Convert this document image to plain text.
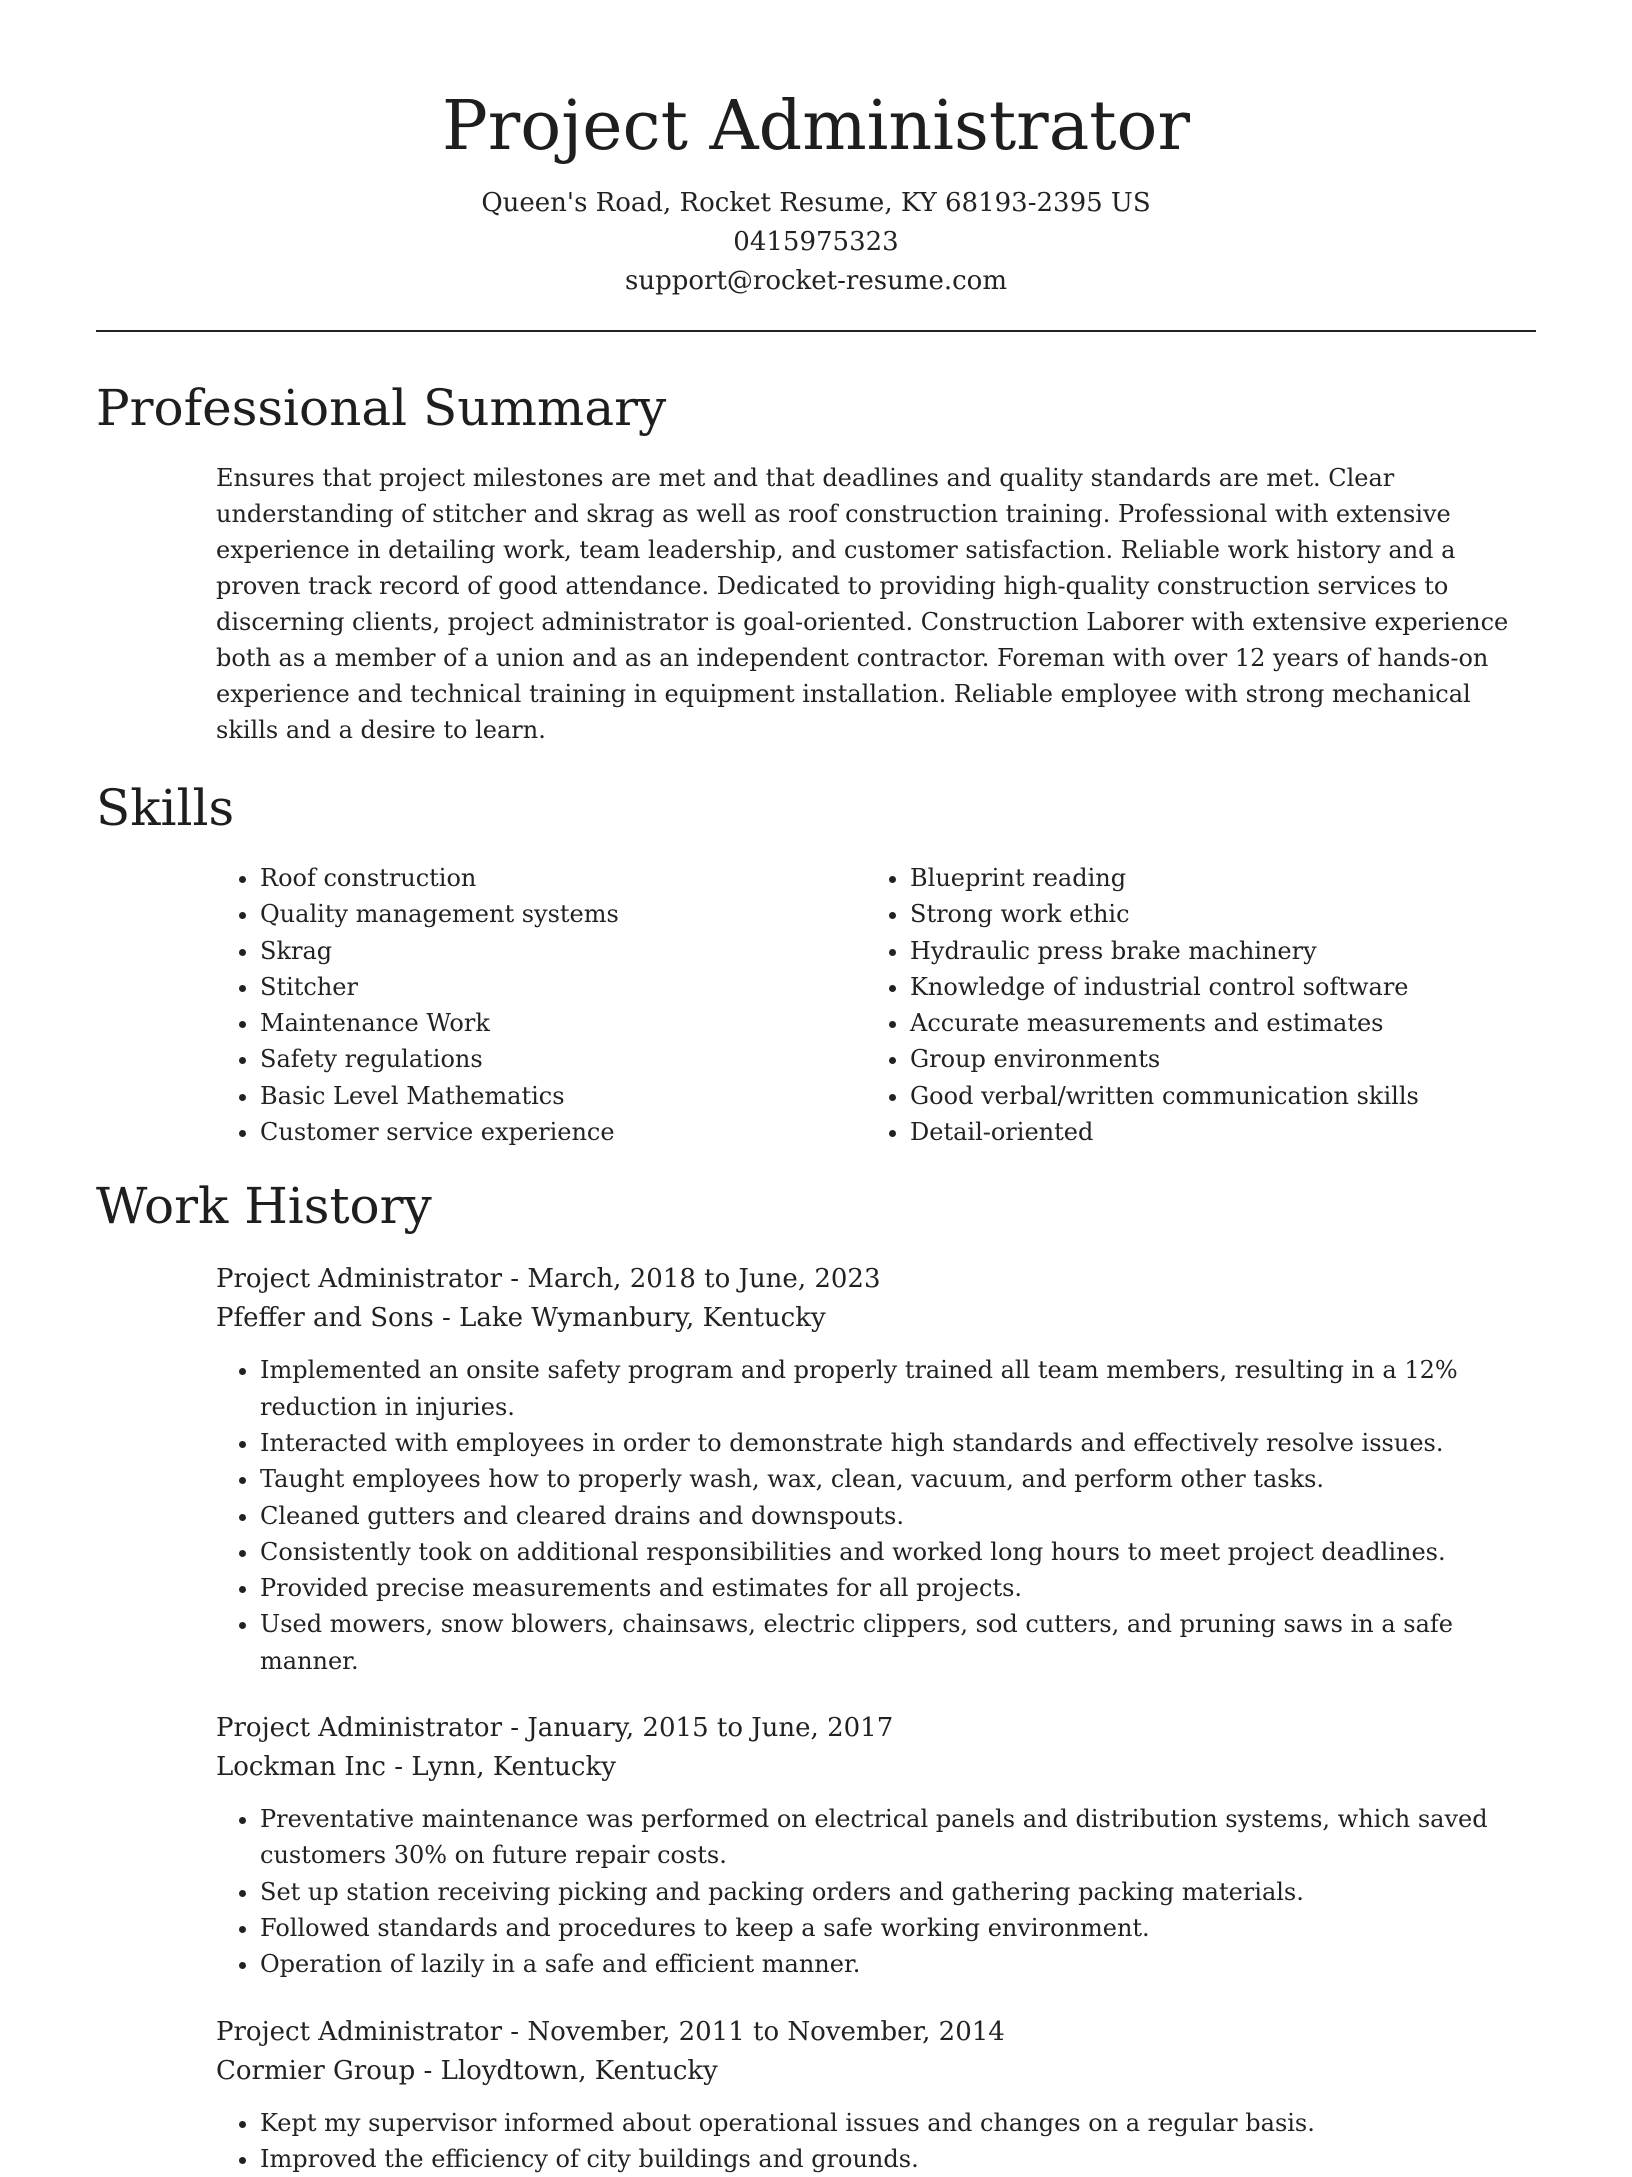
Project Administrator
Queen's Road, Rocket Resume, KY 68193-2395 US
0415975323
support@rocket-resume.com
Professional Summary

Ensures that project milestones are met and that deadlines and quality standards are met. Clear understanding of stitcher and skrag as well as roof construction training. Professional with extensive experience in detailing work, team leadership, and customer satisfaction. Reliable work history and a proven track record of good attendance. Dedicated to providing high-quality construction services to discerning clients, project administrator is goal-oriented. Construction Laborer with extensive experience both as a member of a union and as an independent contractor. Foreman with over 12 years of hands-on experience and technical training in equipment installation. Reliable employee with strong mechanical skills and a desire to learn.

Skills
• Roof construction
• Quality management systems
• Skrag
• Stitcher
• Maintenance Work
• Safety regulations
• Basic Level Mathematics
• Customer service experience
• Blueprint reading
• Strong work ethic
• Hydraulic press brake machinery
• Knowledge of industrial control software
• Accurate measurements and estimates
• Group environments
• Good verbal/written communication skills
• Detail-oriented
Work History
Project Administrator - March, 2018 to June, 2023
Pfeffer and Sons - Lake Wymanbury, Kentucky
• Implemented an onsite safety program and properly trained all team members, resulting in a 12% reduction in injuries.
• Interacted with employees in order to demonstrate high standards and effectively resolve issues.
• Taught employees how to properly wash, wax, clean, vacuum, and perform other tasks.
• Cleaned gutters and cleared drains and downspouts.
• Consistently took on additional responsibilities and worked long hours to meet project deadlines.
• Provided precise measurements and estimates for all projects.
• Used mowers, snow blowers, chainsaws, electric clippers, sod cutters, and pruning saws in a safe manner.
Project Administrator - January, 2015 to June, 2017
Lockman Inc - Lynn, Kentucky
• Preventative maintenance was performed on electrical panels and distribution systems, which saved customers 30% on future repair costs.
• Set up station receiving picking and packing orders and gathering packing materials.
• Followed standards and procedures to keep a safe working environment.
• Operation of lazily in a safe and efficient manner.
Project Administrator - November, 2011 to November, 2014
Cormier Group - Lloydtown, Kentucky
• Kept my supervisor informed about operational issues and changes on a regular basis.
• Improved the efficiency of city buildings and grounds.
